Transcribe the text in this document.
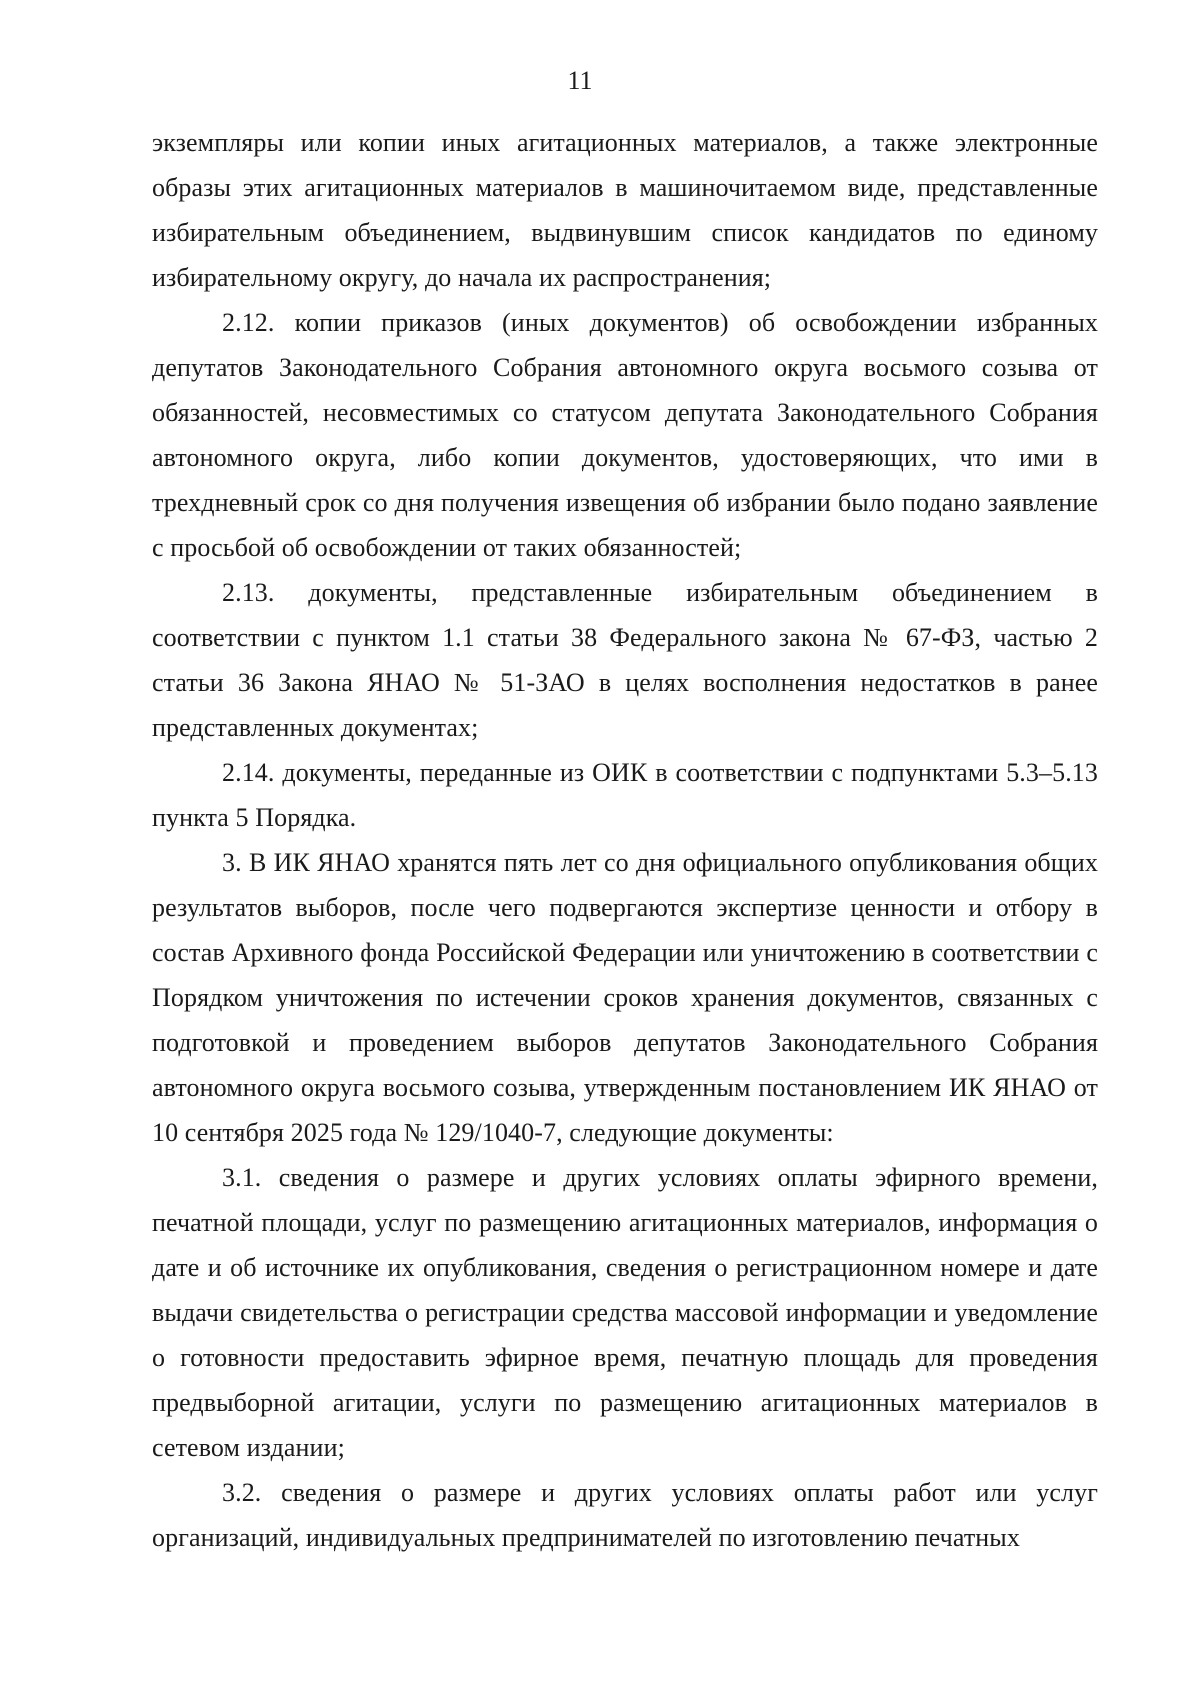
11

экземпляры или копии иных агитационных материалов, а также электронные образы этих агитационных материалов в машиночитаемом виде, представленные избирательным объединением, выдвинувшим список кандидатов по единому избирательному округу, до начала их распространения;

2.12. копии приказов (иных документов) об освобождении избранных депутатов Законодательного Собрания автономного округа восьмого созыва от обязанностей, несовместимых со статусом депутата Законодательного Собрания автономного округа, либо копии документов, удостоверяющих, что ими в трехдневный срок со дня получения извещения об избрании было подано заявление с просьбой об освобождении от таких обязанностей;

2.13. документы, представленные избирательным объединением в соответствии с пунктом 1.1 статьи 38 Федерального закона № 67-ФЗ, частью 2 статьи 36 Закона ЯНАО № 51-ЗАО в целях восполнения недостатков в ранее представленных документах;

2.14. документы, переданные из ОИК в соответствии с подпунктами 5.3–5.13 пункта 5 Порядка.

3. В ИК ЯНАО хранятся пять лет со дня официального опубликования общих результатов выборов, после чего подвергаются экспертизе ценности и отбору в состав Архивного фонда Российской Федерации или уничтожению в соответствии с Порядком уничтожения по истечении сроков хранения документов, связанных с подготовкой и проведением выборов депутатов Законодательного Собрания автономного округа восьмого созыва, утвержденным постановлением ИК ЯНАО от 10 сентября 2025 года № 129/1040-7, следующие документы:

3.1. сведения о размере и других условиях оплаты эфирного времени, печатной площади, услуг по размещению агитационных материалов, информация о дате и об источнике их опубликования, сведения о регистрационном номере и дате выдачи свидетельства о регистрации средства массовой информации и уведомление о готовности предоставить эфирное время, печатную площадь для проведения предвыборной агитации, услуги по размещению агитационных материалов в сетевом издании;

3.2. сведения о размере и других условиях оплаты работ или услуг организаций, индивидуальных предпринимателей по изготовлению печатных
